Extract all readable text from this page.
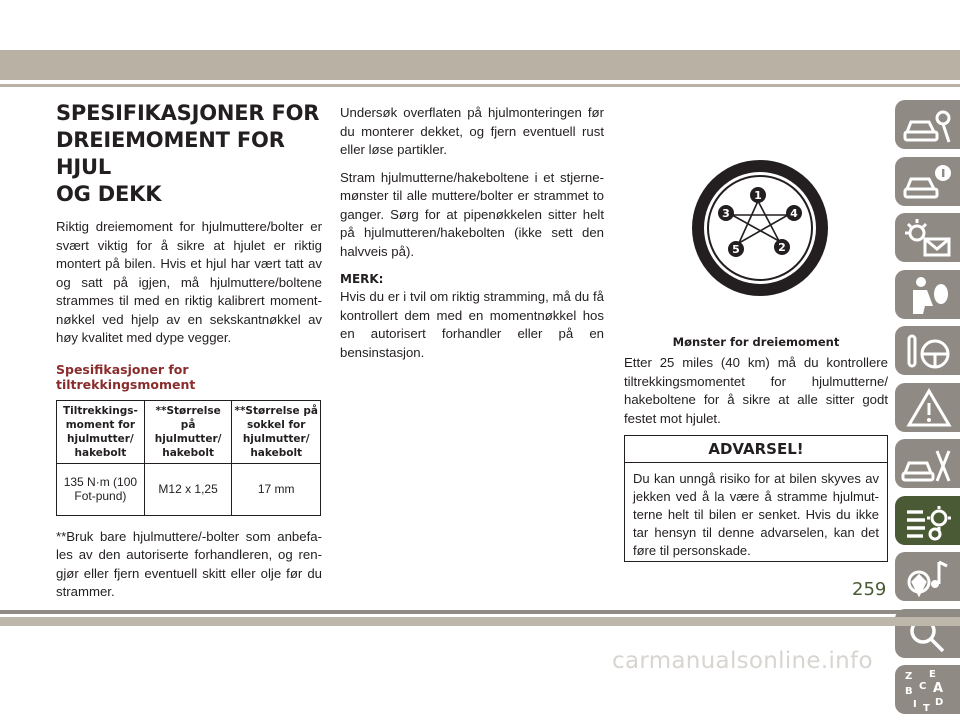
SPESIFIKASJONER FOR
DREIEMOMENT FOR HJUL
OG DEKK

Riktig dreiemoment for hjulmuttere/bolter er svært viktig for å sikre at hjulet er riktig montert på bilen. Hvis et hjul har vært tatt av og satt på igjen, må hjulmuttere/boltene strammes til med en riktig kalibrert momentnøkkel ved hjelp av en sekskantnøkkel av høy kvalitet med dype vegger.

Spesifikasjoner for tiltrekkingsmoment
Tiltrekkingsmoment for hjulmutter/ hakebolt	**Størrelse på hjulmutter/ hakebolt	**Størrelse på sokkel for hjulmutter/ hakebolt
135 N·m (100 Fot-pund)	M12 x 1,25	17 mm

**Bruk bare hjulmuttere/-bolter som anbefales av den autoriserte forhandleren, og rengjør eller fjern eventuell skitt eller olje før du strammer.

Undersøk overflaten på hjulmonteringen før du monterer dekket, og fjern eventuell rust eller løse partikler.

Stram hjulmutterne/hakeboltene i et stjernemønster til alle muttere/bolter er strammet to ganger. Sørg for at pipenøkkelen sitter helt på hjulmutteren/hakebolten (ikke sett den halvveis på).

MERK:

Hvis du er i tvil om riktig stramming, må du få kontrollert dem med en momentnøkkel hos en autorisert forhandler eller på en bensinstasjon.

1
2
3	4
5
Mønster for dreiemoment

Etter 25 miles (40 km) må du kontrollere tiltrekkingsmomentet for hjulmutterne/ hakeboltene for å sikre at alle sitter godt festet mot hjulet.

ADVARSEL!

Du kan unngå risiko for at bilen skyves av jekken ved å la være å stramme hjulmutterne helt til bilen er senket. Hvis du ikke tar hensyn til denne advarselen, kan det føre til personskade.

Z E
B A
C
D
I T
259
carmanualsonline.info
